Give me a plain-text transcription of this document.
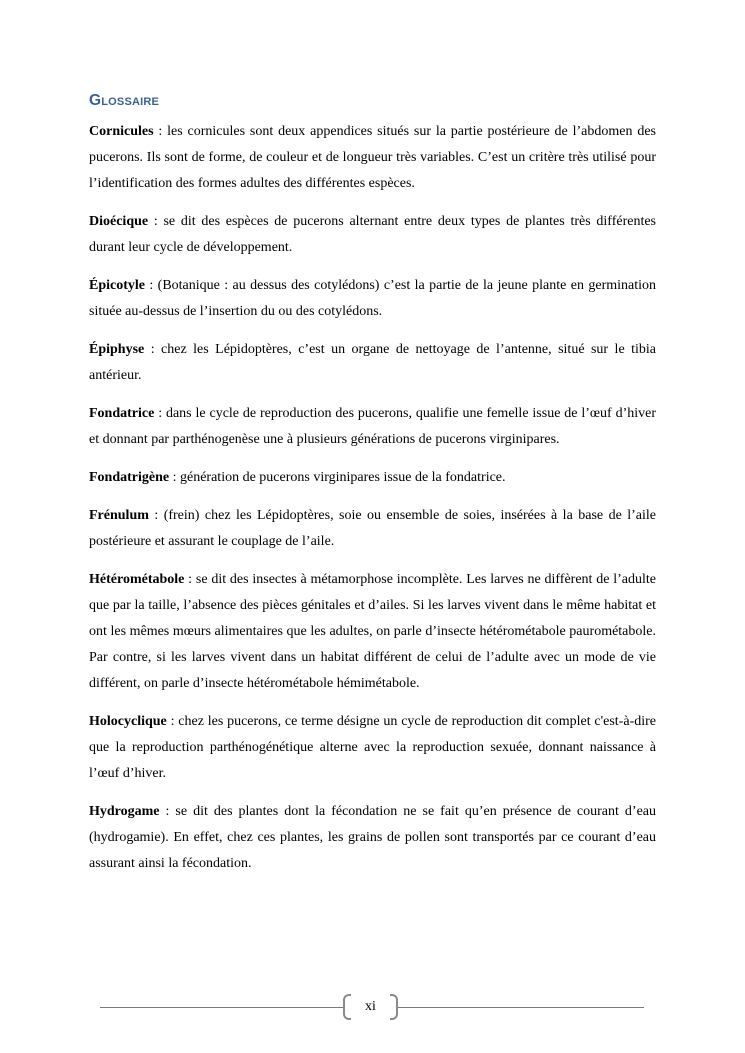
Glossaire

Cornicules : les cornicules sont deux appendices situés sur la partie postérieure de l’abdomen des pucerons. Ils sont de forme, de couleur et de longueur très variables. C’est un critère très utilisé pour l’identification des formes adultes des différentes espèces.

Dioécique : se dit des espèces de pucerons alternant entre deux types de plantes très différentes durant leur cycle de développement.

Épicotyle : (Botanique : au dessus des cotylédons) c’est la partie de la jeune plante en germination située au-dessus de l’insertion du ou des cotylédons.

Épiphyse : chez les Lépidoptères, c’est un organe de nettoyage de l’antenne, situé sur le tibia antérieur.

Fondatrice : dans le cycle de reproduction des pucerons, qualifie une femelle issue de l’œuf d’hiver et donnant par parthénogenèse une à plusieurs générations de pucerons virginipares.

Fondatrigène : génération de pucerons virginipares issue de la fondatrice.

Frénulum : (frein) chez les Lépidoptères, soie ou ensemble de soies, insérées à la base de l’aile postérieure et assurant le couplage de l’aile.

Hétérométabole : se dit des insectes à métamorphose incomplète. Les larves ne diffèrent de l’adulte que par la taille, l’absence des pièces génitales et d’ailes. Si les larves vivent dans le même habitat et ont les mêmes mœurs alimentaires que les adultes, on parle d’insecte hétérométabole paurométabole. Par contre, si les larves vivent dans un habitat différent de celui de l’adulte avec un mode de vie différent, on parle d’insecte hétérométabole hémimétabole.

Holocyclique : chez les pucerons, ce terme désigne un cycle de reproduction dit complet c'est-à-dire que la reproduction parthénogénétique alterne avec la reproduction sexuée, donnant naissance à l’œuf d’hiver.

Hydrogame : se dit des plantes dont la fécondation ne se fait qu’en présence de courant d’eau (hydrogamie). En effet, chez ces plantes, les grains de pollen sont transportés par ce courant d’eau assurant ainsi la fécondation.

xi
